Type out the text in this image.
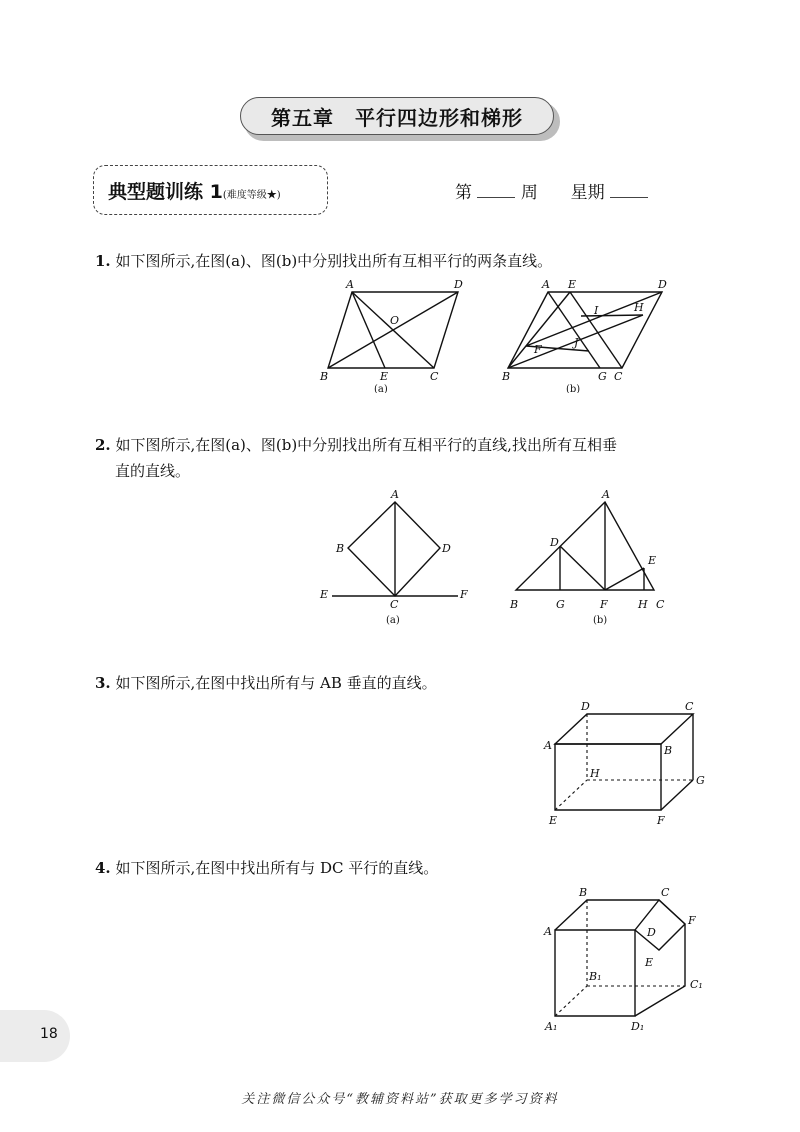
第五章　平行四边形和梯形
典型题训练 1(难度等级★)	第	周 星期
1. 如下图所示,在图(a)、图(b)中分别找出所有互相平行的两条直线。
A	D
O
B	E	C
(a)
A E	D
I	H
F
J
B	G C
(b)
2. 如下图所示,在图(a)、图(b)中分别找出所有互相平行的直线,找出所有互相垂
直的直线。
A
B	D
E
C
F
(a)
A
D
E
B	G	F	H C
(b)
3. 如下图所示,在图中找出所有与 AB 垂直的直线。
D	C
A	B
H
G
E	F
4. 如下图所示,在图中找出所有与 DC 平行的直线。
B	C
F
A	D
E
B₁
C₁
A₁	D₁
18
关注微信公众号“教辅资料站”获取更多学习资料
